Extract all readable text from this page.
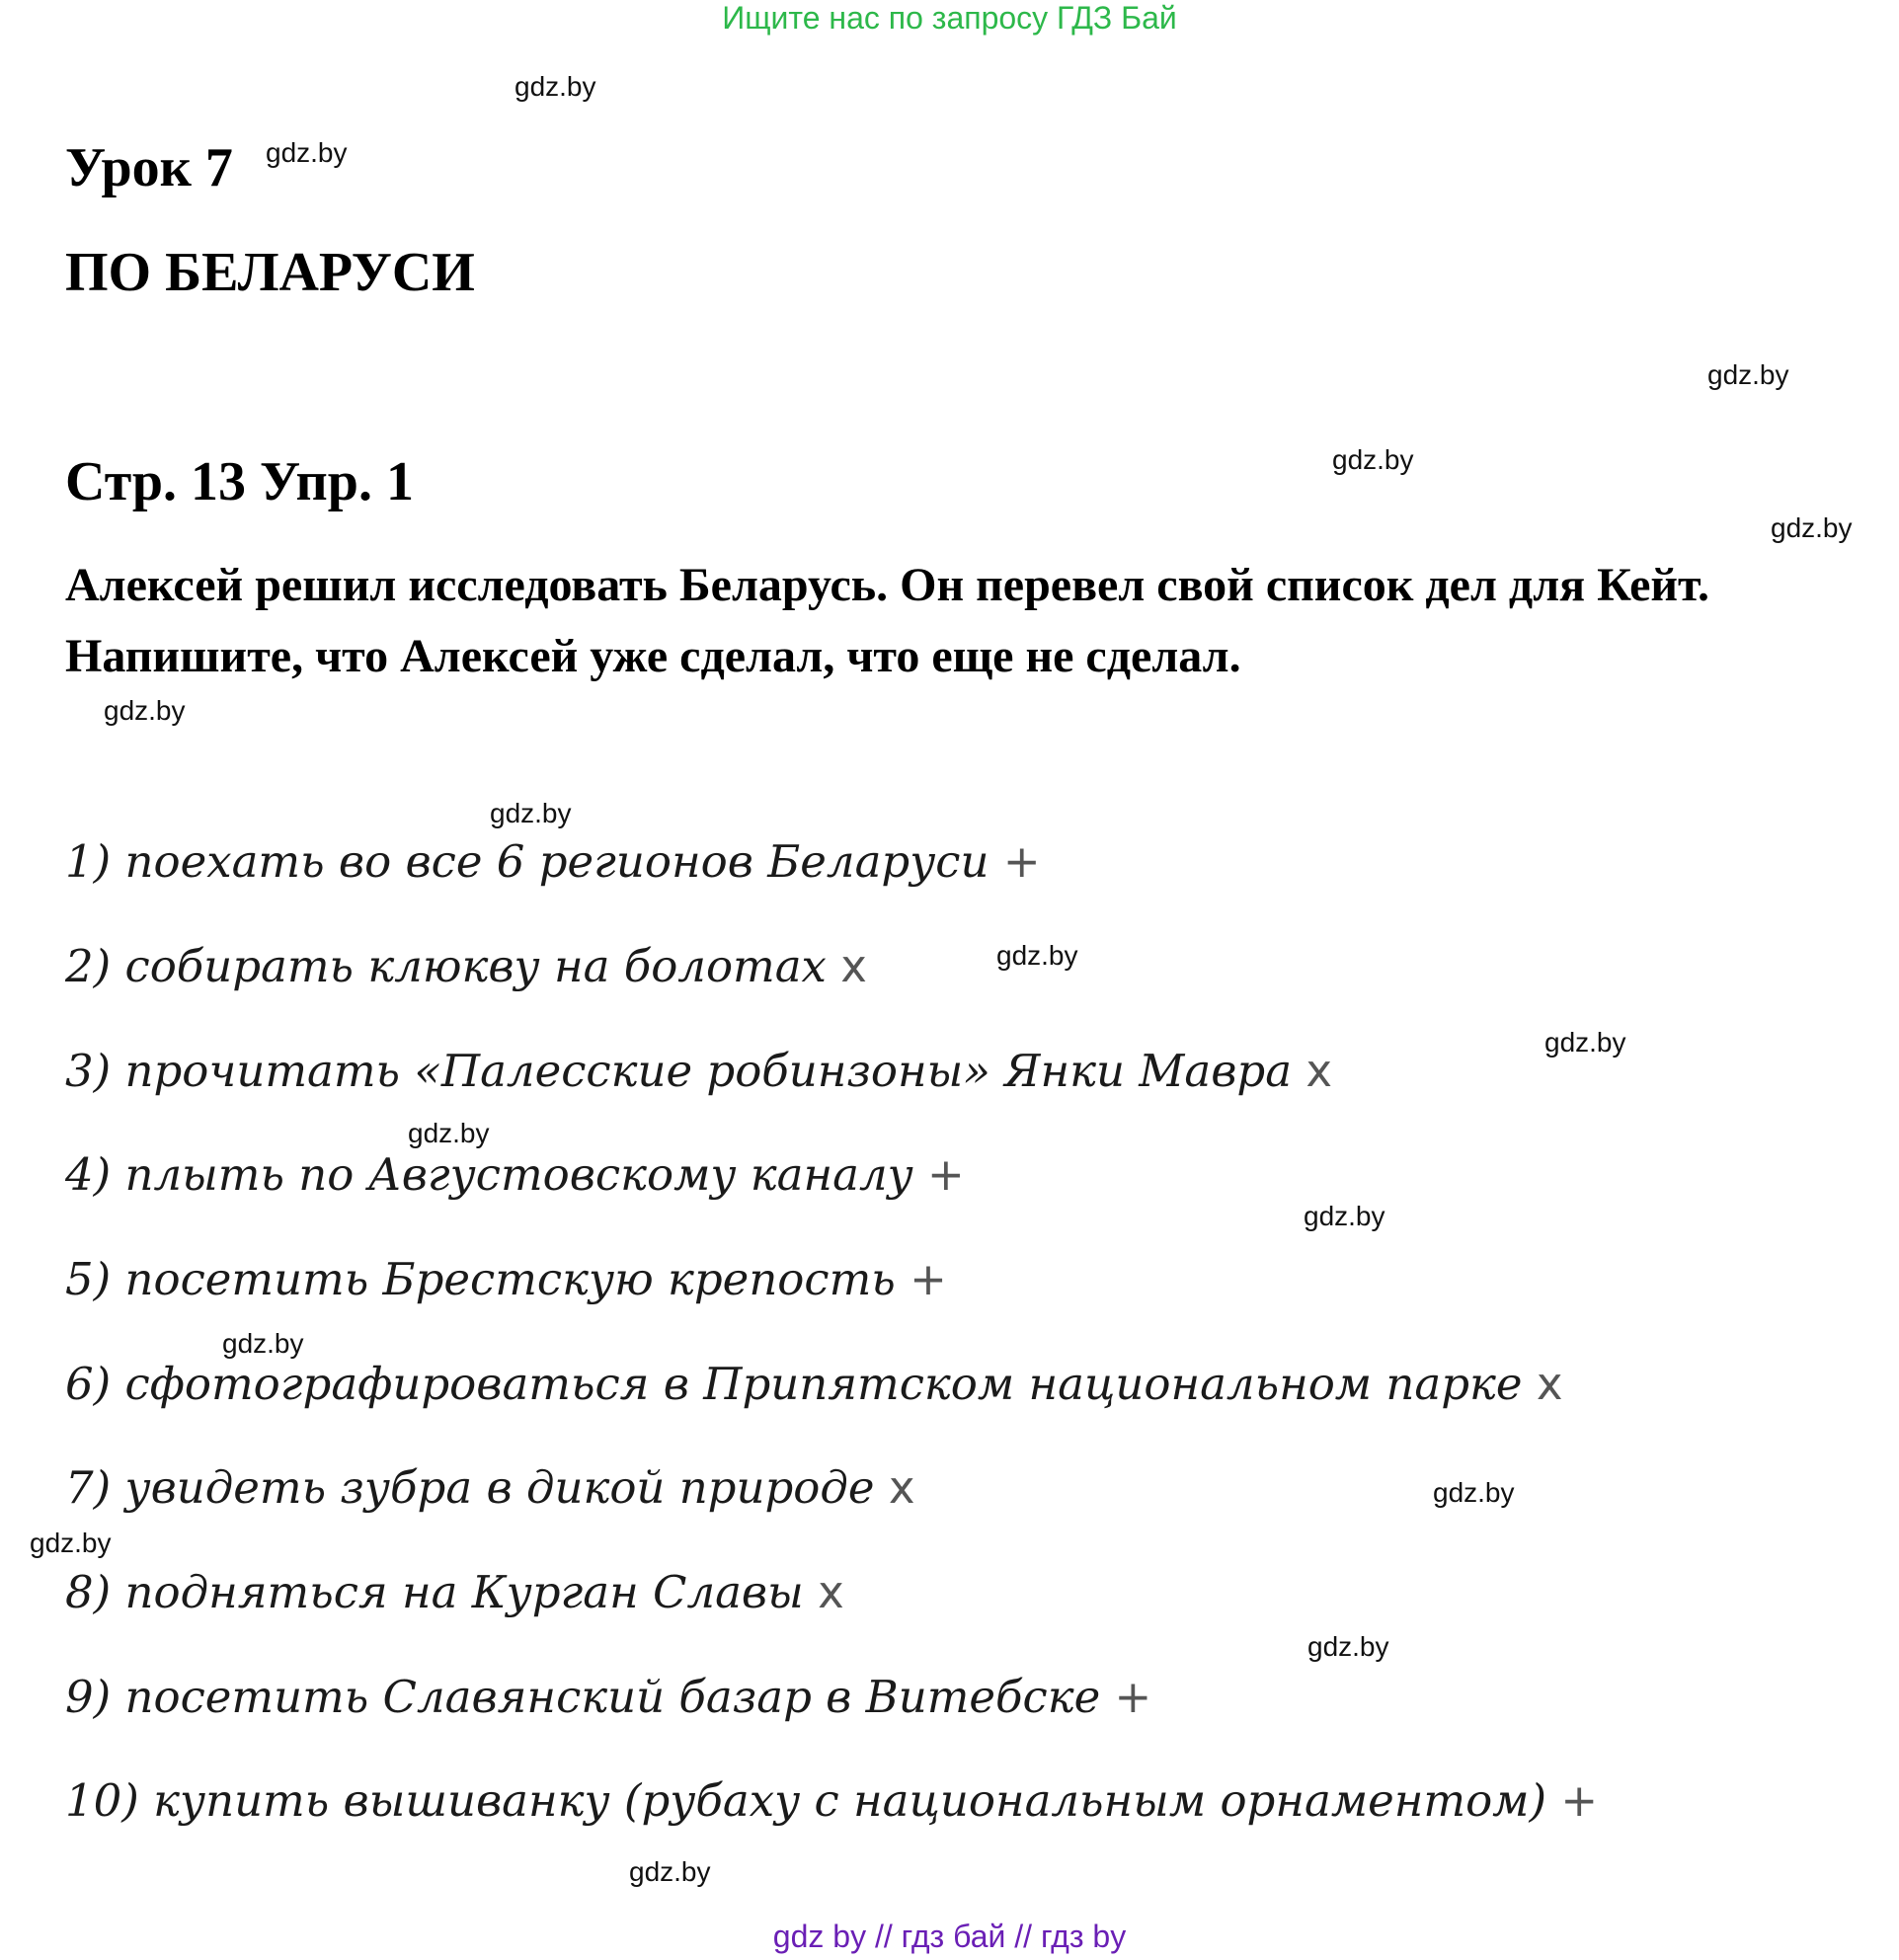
Ищите нас по запросу ГДЗ Бай
gdz.by
gdz.by
gdz.by
gdz.by
gdz.by
gdz.by
gdz.by
gdz.by
gdz.by
gdz.by
gdz.by
gdz.by
gdz.by
gdz.by
gdz.by
gdz.by
Урок 7
ПО БЕЛАРУСИ
Стр. 13 Упр. 1
Алексей решил исследовать Беларусь. Он перевел свой список дел для Кейт. Напишите, что Алексей уже сделал, что еще не сделал.
1) поехать во все 6 регионов Беларуси +
2) собирать клюкву на болотах x
3) прочитать «Палесские робинзоны» Янки Мавра x
4) плыть по Августовскому каналу +
5) посетить Брестскую крепость +
6) сфотографироваться в Припятском национальном парке x
7) увидеть зубра в дикой природе x
8) подняться на Курган Славы x
9) посетить Славянский базар в Витебске +
10) купить вышиванку (рубаху с национальным орнаментом) +
gdz by // гдз бай // гдз by
